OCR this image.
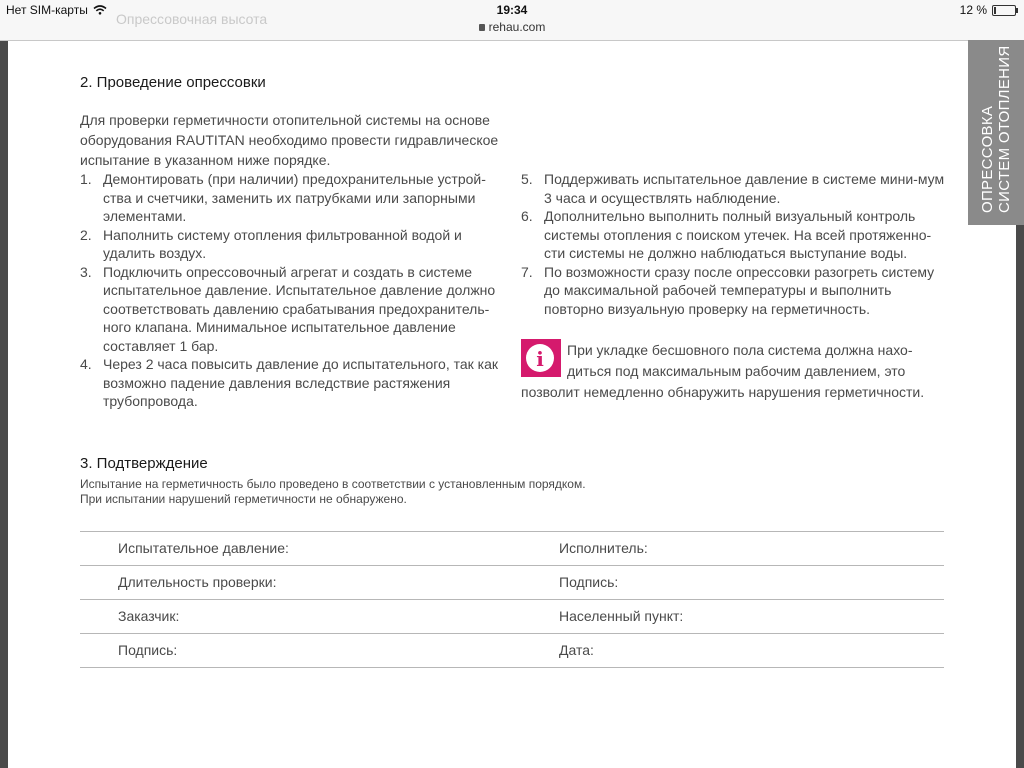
Нет SIM-карты	19:34
rehau.com
12 %
Опрессовочная высота
ОПРЕССОВКА СИСТЕМ ОТОПЛЕНИЯ
2. Проведение опрессовки
Для проверки герметичности отопительной системы на основе оборудования RAUTITAN необходимо провести гидравлическое испытание в указанном ниже порядке.
1. Демонтировать (при наличии) предохранительные устрой-ства и счетчики, заменить их патрубками или запорными элементами.
2. Наполнить систему отопления фильтрованной водой и удалить воздух.
3. Подключить опрессовочный агрегат и создать в системе испытательное давление. Испытательное давление должно соответствовать давлению срабатывания предохранитель-ного клапана. Минимальное испытательное давление составляет 1 бар.
4. Через 2 часа повысить давление до испытательного, так как возможно падение давления вследствие растяжения трубопровода.
5. Поддерживать испытательное давление в системе мини-мум 3 часа и осуществлять наблюдение.
6. Дополнительно выполнить полный визуальный контроль системы отопления с поиском утечек. На всей протяженно-сти системы не должно наблюдаться выступание воды.
7. По возможности сразу после опрессовки разогреть систему до максимальной рабочей температуры и выполнить повторно визуальную проверку на герметичность.
i	При укладке бесшовного пола система должна нахо-
диться под максимальным рабочим давлением, это
позволит немедленно обнаружить нарушения герметичности.
3. Подтверждение
Испытание на герметичность было проведено в соответствии с установленным порядком.
При испытании нарушений герметичности не обнаружено.
Испытательное давление:	Исполнитель:
Длительность проверки:	Подпись:
Заказчик:	Населенный пункт:
Подпись:	Дата:
